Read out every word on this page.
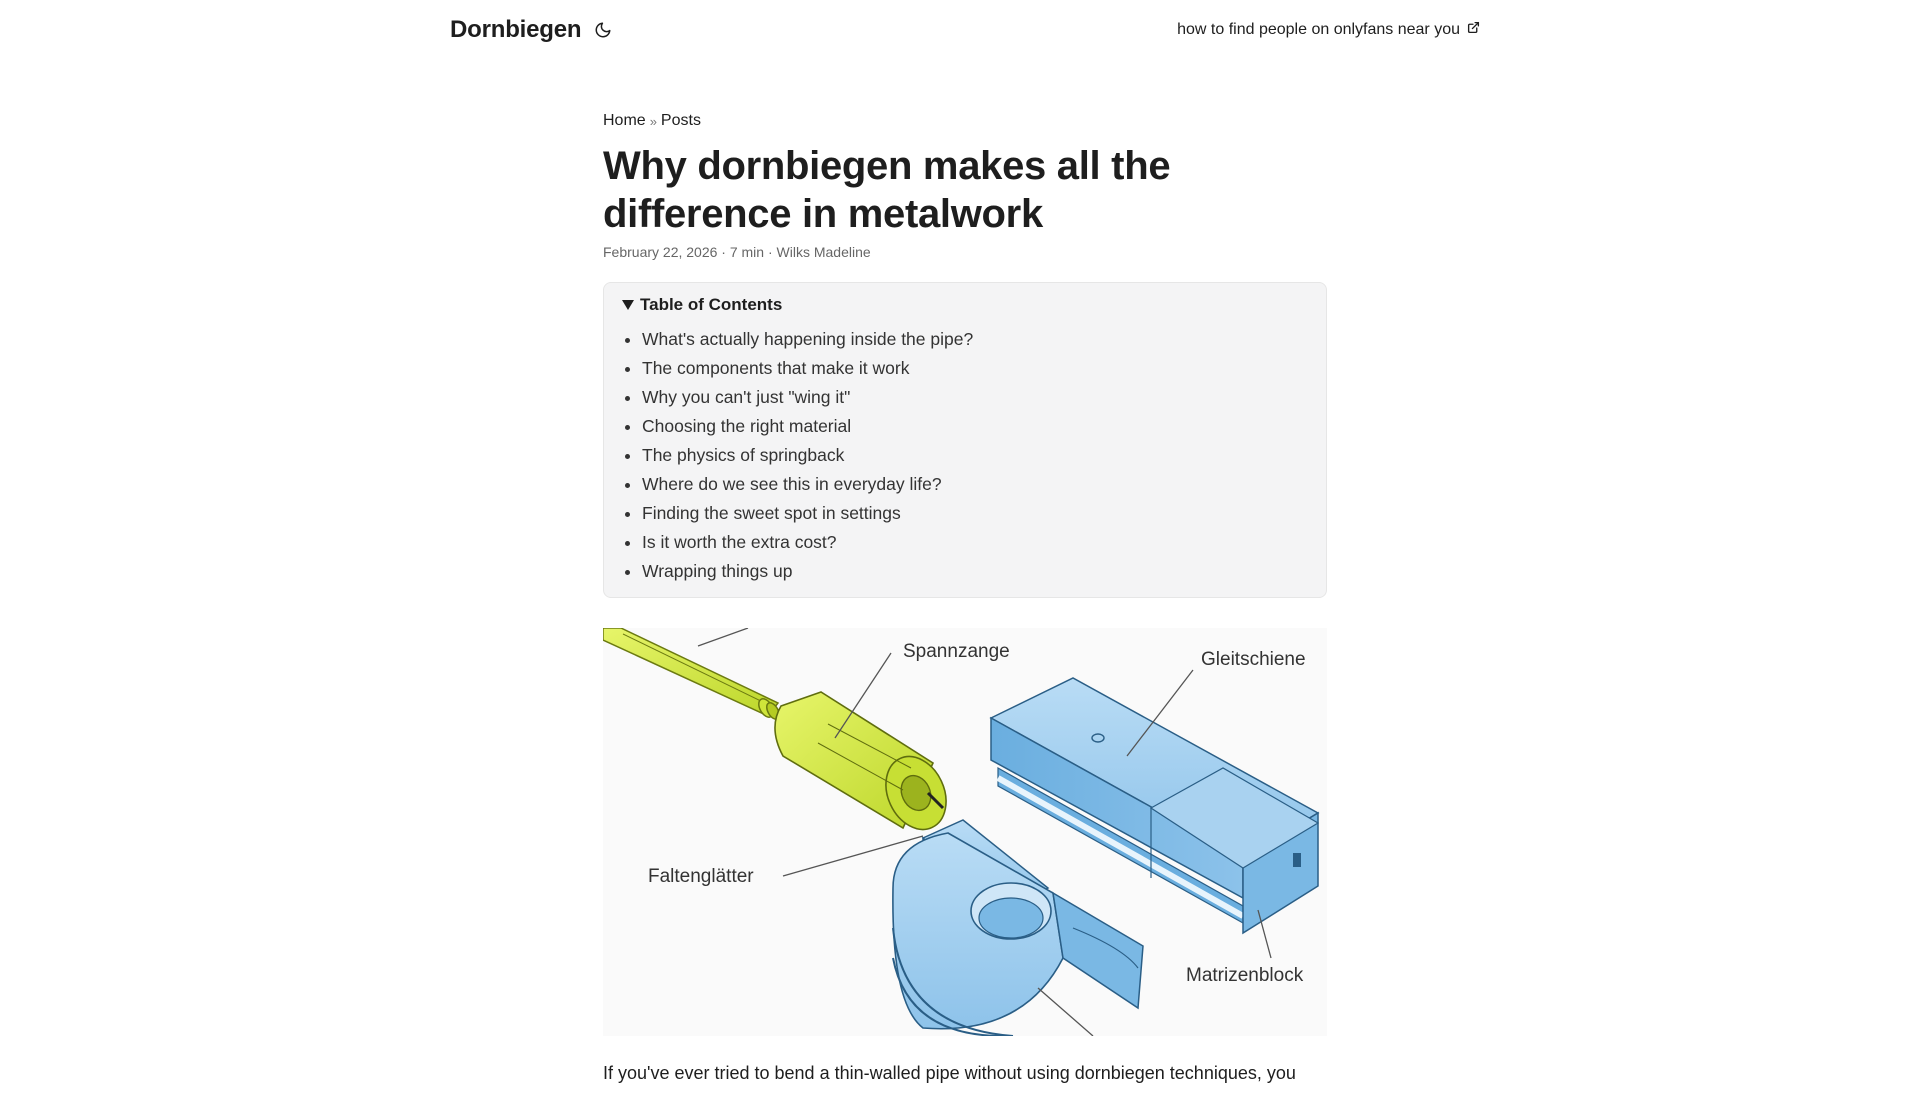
Dornbiegen	how to find people on onlyfans near you
Home » Posts
Why dornbiegen makes all the difference in metalwork
February 22, 2026 · 7 min · Wilks Madeline
Table of Contents
• What's actually happening inside the pipe?
• The components that make it work
• Why you can't just "wing it"
• Choosing the right material
• The physics of springback
• Where do we see this in everyday life?
• Finding the sweet spot in settings
• Is it worth the extra cost?
• Wrapping things up
Spannzange	Gleitschiene
Faltenglätter
Matrizenblock

If you've ever tried to bend a thin-walled pipe without using dornbiegen techniques, you
